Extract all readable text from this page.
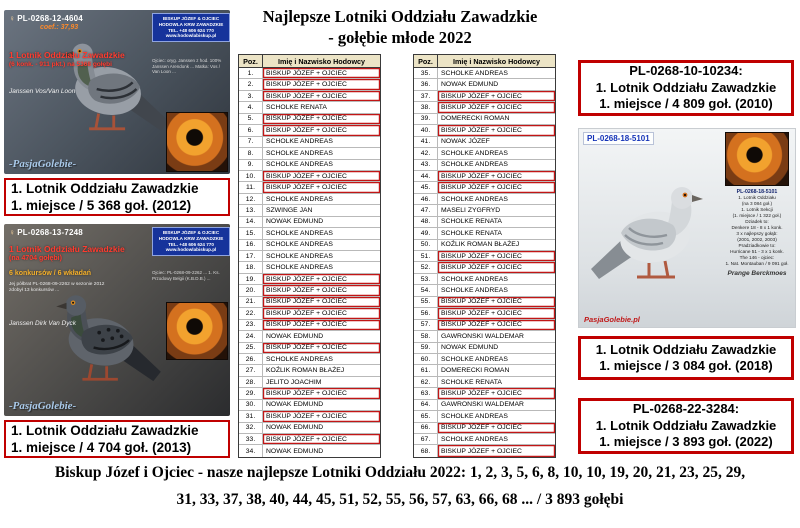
Najlepsze Lotniki Oddziału Zawadzkie
- gołębie młode 2022
♀ PL-0268-12-4604
coef.: 37,93
1 Lotnik Oddziału Zawadzkie
(6 konk. - 911 pkt.) na 5368 gołębi
Janssen Vos/Van Loon
BISKUP JÓZEF & OJCIEC
HODOWLA KRW ZAWADZKIE
TEL. +48 606 624 770
www.hodowlabiskup.pl
Ojciec: oryg. Janssen z hod. 100% Janssen Arendonk ... Matka: Vos / Van Loon ...
-PasjaGolebie-
1. Lotnik Oddziału Zawadzkie
1. miejsce / 5 368 goł. (2012)
♀ PL-0268-13-7248
1 Lotnik Oddziału Zawadzkie
(na 4704 gołębi)
6 konkursów / 6 wkładań
Jej półbrat PL-0268-09-2262 w sezonie 2012 zdobył 13 konkursów ...
Janssen Dirk Van Dyck
BISKUP JÓZEF & OJCIEC
HODOWLA KRW ZAWADZKIE
TEL. +48 606 624 770
www.hodowlabiskup.pl
Ojciec: PL-0268-09-2262 ... 1. Ks. Przodowy Belgii (K.B.D.B.) ...
-PasjaGolebie-
1. Lotnik Oddziału Zawadzkie
1. miejsce / 4 704 goł. (2013)
Poz.	Imię i Nazwisko Hodowcy
1.	BISKUP JÓZEF + OJCIEC
2.	BISKUP JÓZEF + OJCIEC
3.	BISKUP JÓZEF + OJCIEC
4.	SCHOLKE RENATA
5.	BISKUP JÓZEF + OJCIEC
6.	BISKUP JÓZEF + OJCIEC
7.	SCHOLKE ANDREAS
8.	SCHOLKE ANDREAS
9.	SCHOLKE ANDREAS
10.	BISKUP JÓZEF + OJCIEC
11.	BISKUP JÓZEF + OJCIEC
12.	SCHOLKE ANDREAS
13.	SZWINGE JAN
14.	NOWAK EDMUND
15.	SCHOLKE ANDREAS
16.	SCHOLKE ANDREAS
17.	SCHOLKE ANDREAS
18.	SCHOLKE ANDREAS
19.	BISKUP JÓZEF + OJCIEC
20.	BISKUP JÓZEF + OJCIEC
21.	BISKUP JÓZEF + OJCIEC
22.	BISKUP JÓZEF + OJCIEC
23.	BISKUP JÓZEF + OJCIEC
24.	NOWAK EDMUND
25.	BISKUP JÓZEF + OJCIEC
26.	SCHOLKE ANDREAS
27.	KOŹLIK ROMAN BŁAŻEJ
28.	JELITO JOACHIM
29.	BISKUP JÓZEF + OJCIEC
30.	NOWAK EDMUND
31.	BISKUP JÓZEF + OJCIEC
32.	NOWAK EDMUND
33.	BISKUP JÓZEF + OJCIEC
34.	NOWAK EDMUND
Poz.	Imię i Nazwisko Hodowcy
35.	SCHOLKE ANDREAS
36.	NOWAK EDMUND
37.	BISKUP JÓZEF + OJCIEC
38.	BISKUP JÓZEF + OJCIEC
39.	DOMERECKI ROMAN
40.	BISKUP JÓZEF + OJCIEC
41.	NOWAK JÓZEF
42.	SCHOLKE ANDREAS
43.	SCHOLKE ANDREAS
44.	BISKUP JÓZEF + OJCIEC
45.	BISKUP JÓZEF + OJCIEC
46.	SCHOLKE ANDREAS
47.	MASELI ZYGFRYD
48.	SCHOLKE RENATA
49.	SCHOLKE RENATA
50.	KOŹLIK ROMAN BŁAŻEJ
51.	BISKUP JÓZEF + OJCIEC
52.	BISKUP JÓZEF + OJCIEC
53.	SCHOLKE ANDREAS
54.	SCHOLKE ANDREAS
55.	BISKUP JÓZEF + OJCIEC
56.	BISKUP JÓZEF + OJCIEC
57.	BISKUP JÓZEF + OJCIEC
58.	GAWRONSKI WALDEMAR
59.	NOWAK EDMUND
60.	SCHOLKE ANDREAS
61.	DOMERECKI ROMAN
62.	SCHOLKE RENATA
63.	BISKUP JÓZEF + OJCIEC
64.	GAWRONSKI WALDEMAR
65.	SCHOLKE ANDREAS
66.	BISKUP JÓZEF + OJCIEC
67.	SCHOLKE ANDREAS
68.	BISKUP JÓZEF + OJCIEC
PL-0268-10-10234:
1. Lotnik Oddziału Zawadzkie
1. miejsce / 4 809 goł. (2010)
PL-0268-18-5101
PL-0268-18-5101
1. Lotnik Oddziału
(na 3 084 goł.)
1. Lotnik Sekcji
(1. miejsce / 1 322 goł.)
Dziadek to:
Denkere 18 - 8 x 1 konk.
3 x najlepszy gołąb:
(2001, 2002, 2003)
Pradziadkowie to:
Hurricane 51 - 3 x 1 konk.
The 146 - ojciec:
1. Nat. Montauban / 9 091 goł.
Prange Berckmoes
PasjaGolebie.pl
1. Lotnik Oddziału Zawadzkie
1. miejsce / 3 084 goł. (2018)
PL-0268-22-3284:
1. Lotnik Oddziału Zawadzkie
1. miejsce / 3 893 goł. (2022)
Biskup Józef i Ojciec - nasze najlepsze Lotniki Oddziału 2022: 1, 2, 3, 5, 6, 8, 10, 10, 19, 20, 21, 23, 25, 29,
31, 33, 37, 38, 40, 44, 45, 51, 52, 55, 56, 57, 63, 66, 68 ... / 3 893 gołębi
